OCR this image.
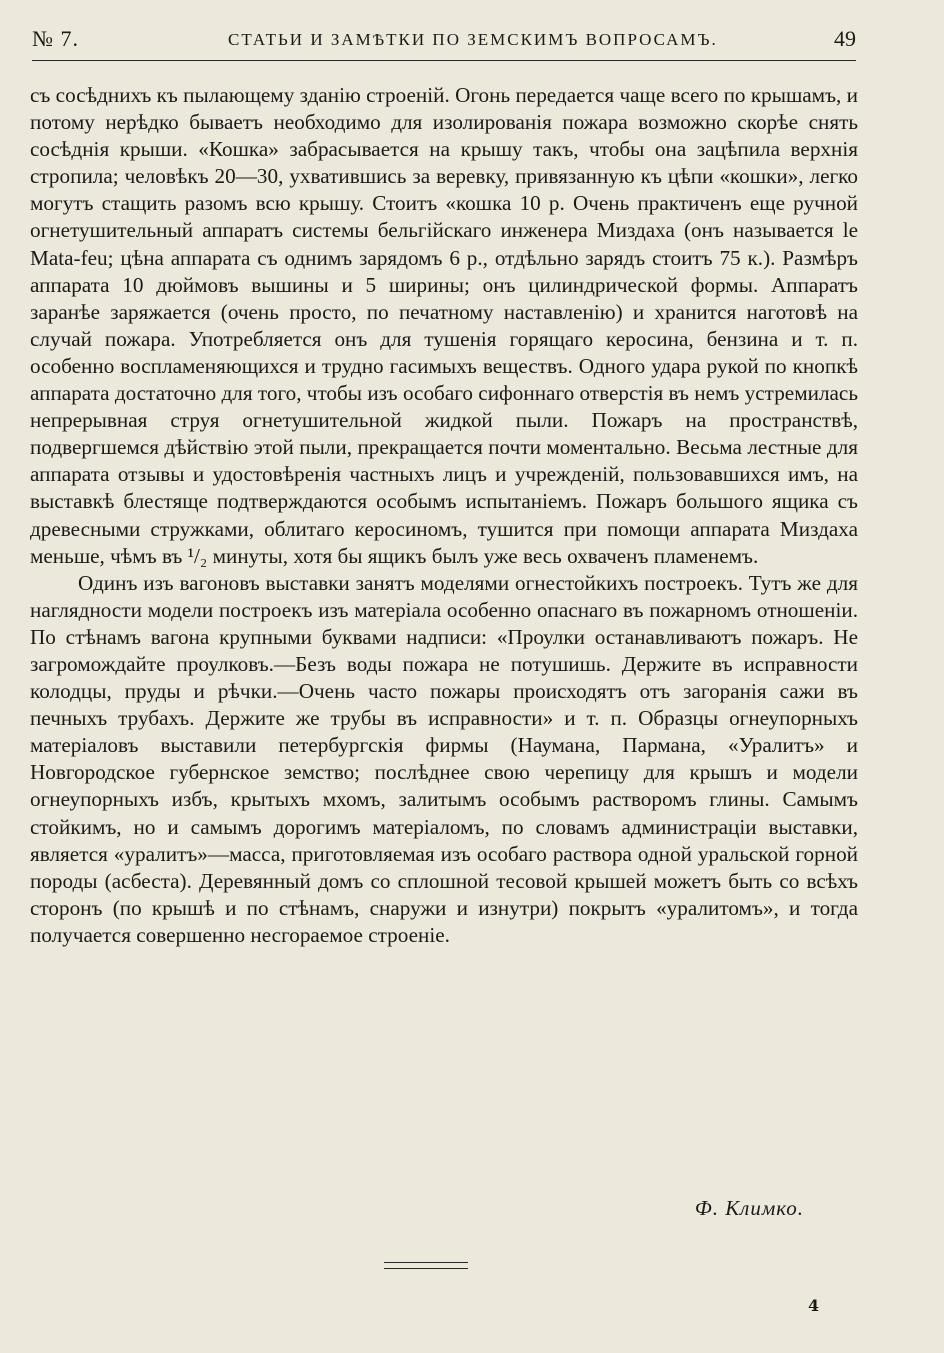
№ 7.	СТАТЬИ И ЗАМѢТКИ ПО ЗЕМСКИМЪ ВОПРОСАМЪ.	49

съ сосѣднихъ къ пылающему зданію строеній. Огонь передается чаще всего по крышамъ, и потому нерѣдко бываетъ необходимо для изолированія пожара возможно скорѣе снять сосѣднія крыши. «Кошка» забрасывается на крышу такъ, чтобы она зацѣпила верхнія стропила; человѣкъ 20—30, ухватившись за веревку, привязанную къ цѣпи «кошки», легко могутъ стащить разомъ всю крышу. Стоитъ «кошка 10 р. Очень практиченъ еще ручной огнетушительный аппаратъ системы бельгійскаго инженера Миздаха (онъ называется le Mata-feu; цѣна аппарата съ однимъ зарядомъ 6 р., отдѣльно зарядъ стоитъ 75 к.). Размѣръ аппарата 10 дюймовъ вышины и 5 ширины; онъ цилиндрической формы. Аппаратъ заранѣе заряжается (очень просто, по печатному наставленію) и хранится наготовѣ на случай пожара. Употребляется онъ для тушенія горящаго керосина, бензина и т. п. особенно воспламеняющихся и трудно гасимыхъ веществъ. Одного удара рукой по кнопкѣ аппарата достаточно для того, чтобы изъ особаго сифоннаго отверстія въ немъ устремилась непрерывная струя огнетушительной жидкой пыли. Пожаръ на пространствѣ, подвергшемся дѣйствію этой пыли, прекращается почти моментально. Весьма лестные для аппарата отзывы и удостовѣренія частныхъ лицъ и учрежденій, пользовавшихся имъ, на выставкѣ блестяще подтверждаются особымъ испытаніемъ. Пожаръ большого ящика съ древесными стружками, облитаго керосиномъ, тушится при помощи аппарата Миздаха меньше, чѣмъ въ ¹/₂ минуты, хотя бы ящикъ былъ уже весь охваченъ пламенемъ.

Одинъ изъ вагоновъ выставки занятъ моделями огнестойкихъ построекъ. Тутъ же для наглядности модели построекъ изъ матеріала особенно опаснаго въ пожарномъ отношеніи. По стѣнамъ вагона крупными буквами надписи: «Проулки останавливаютъ пожаръ. Не загромождайте проулковъ.—Безъ воды пожара не потушишь. Держите въ исправности колодцы, пруды и рѣчки.—Очень часто пожары происходятъ отъ загоранія сажи въ печныхъ трубахъ. Держите же трубы въ исправности» и т. п. Образцы огнеупорныхъ матеріаловъ выставили петербургскія фирмы (Наумана, Пармана, «Уралитъ» и Новгородское губернское земство; послѣднее свою черепицу для крышъ и модели огнеупорныхъ избъ, крытыхъ мхомъ, залитымъ особымъ растворомъ глины. Самымъ стойкимъ, но и самымъ дорогимъ матеріаломъ, по словамъ администраціи выставки, является «уралитъ»—масса, приготовляемая изъ особаго раствора одной уральской горной породы (асбеста). Деревянный домъ со сплошной тесовой крышей можетъ быть со всѣхъ сторонъ (по крышѣ и по стѣнамъ, снаружи и изнутри) покрытъ «уралитомъ», и тогда получается совершенно несгораемое строеніе.

Ф. Климко.
4
